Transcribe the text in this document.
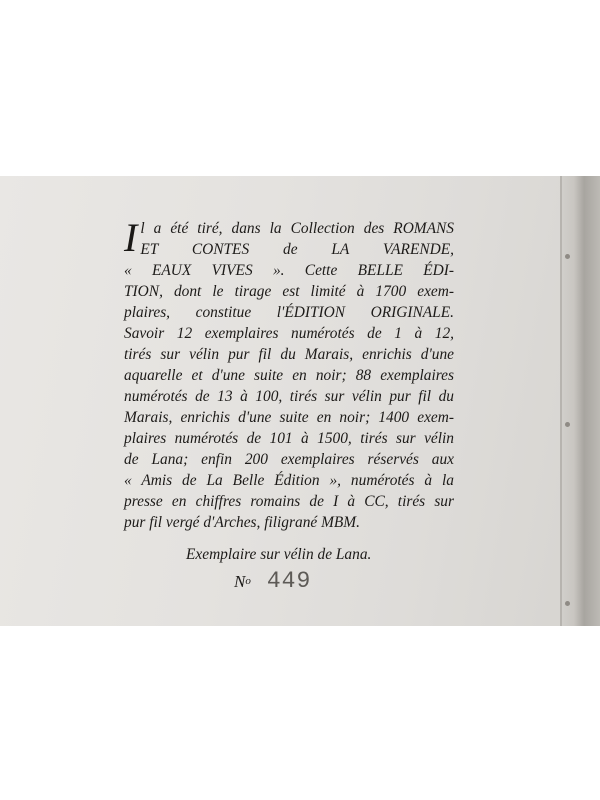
I l a été tiré, dans la Collection des ROMANS
ET CONTES de LA VARENDE,
« EAUX VIVES ». Cette BELLE ÉDI-
TION, dont le tirage est limité à 1700 exem-
plaires, constitue l'ÉDITION ORIGINALE.
Savoir 12 exemplaires numérotés de 1 à 12,
tirés sur vélin pur fil du Marais, enrichis d'une
aquarelle et d'une suite en noir; 88 exemplaires
numérotés de 13 à 100, tirés sur vélin pur fil du
Marais, enrichis d'une suite en noir; 1400 exem-
plaires numérotés de 101 à 1500, tirés sur vélin
de Lana; enfin 200 exemplaires réservés aux
« Amis de La Belle Édition », numérotés à la
presse en chiffres romains de I à CC, tirés sur
pur fil vergé d'Arches, filigrané MBM.
Exemplaire sur vélin de Lana.
$N^o$ 449
